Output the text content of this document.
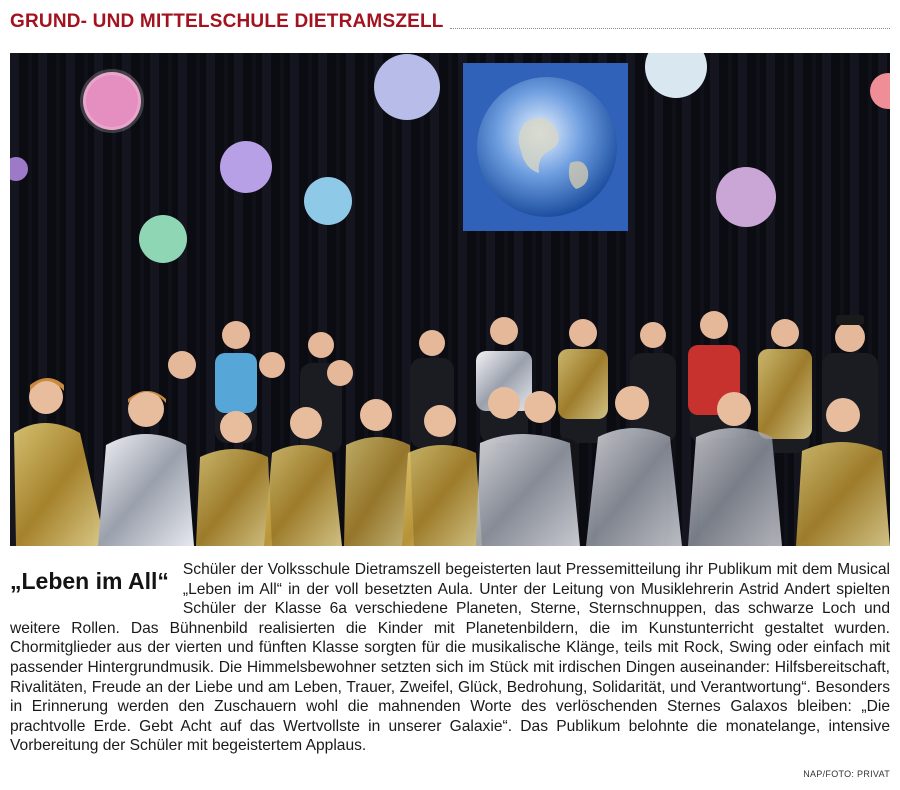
GRUND- UND MITTELSCHULE DIETRAMSZELL
„Leben im All“ Schüler der Volksschule Dietramszell begeisterten laut Pressemitteilung ihr Publikum mit dem Musical „Leben im All“ in der voll besetzten Aula. Unter der Leitung von Musiklehrerin Astrid Andert spielten Schüler der Klasse 6a verschiedene Planeten, Sterne, Sternschnuppen, das schwarze Loch und weitere Rollen. Das Bühnenbild realisierten die Kinder mit Planetenbildern, die im Kunstunterricht gestaltet wurden. Chormitglieder aus der vierten und fünften Klasse sorgten für die musikalische Klänge, teils mit Rock, Swing oder einfach mit passender Hintergrundmusik. Die Himmelsbewohner setzten sich im Stück mit irdischen Dingen auseinander: Hilfsbereitschaft, Rivalitäten, Freude an der Liebe und am Leben, Trauer, Zweifel, Glück, Bedrohung, Solidarität, und Verantwortung“. Besonders in Erinnerung werden den Zuschauern wohl die mahnenden Worte des verlöschenden Sternes Galaxos bleiben: „Die prachtvolle Erde. Gebt Acht auf das Wertvollste in unserer Galaxie“. Das Publikum belohnte die monatelange, intensive Vorbereitung der Schüler mit begeistertem Applaus.
NAP/FOTO: PRIVAT
